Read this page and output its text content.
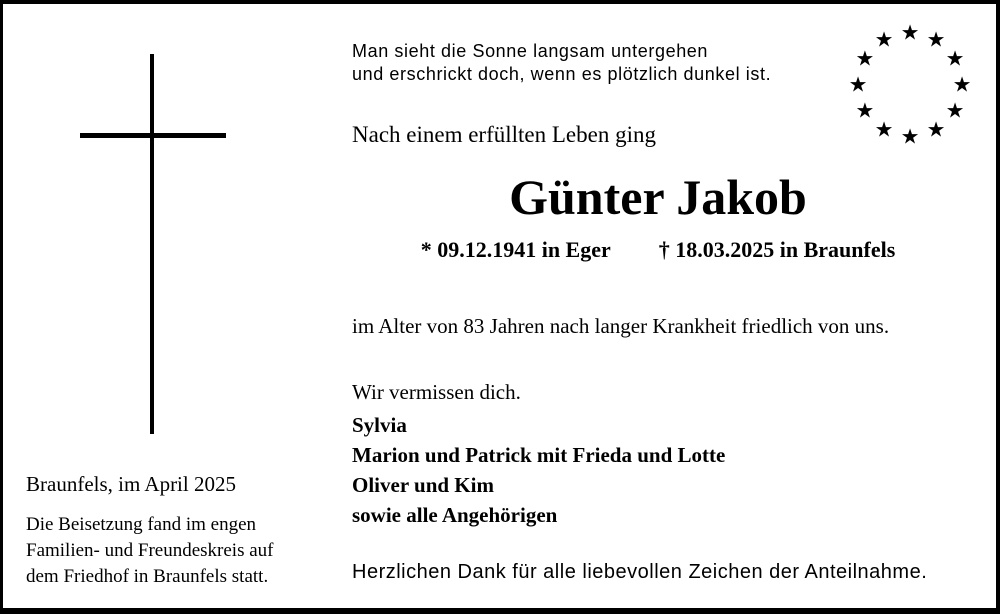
★ ★
★
★
★
★
★
★
★
★
★
★
Man sieht die Sonne langsam untergehen
und erschrickt doch, wenn es plötzlich dunkel ist.
Nach einem erfüllten Leben ging
Günter Jakob
* 09.12.1941 in Eger † 18.03.2025 in Braunfels
im Alter von 83 Jahren nach langer Krankheit friedlich von uns.
Wir vermissen dich.
Sylvia
Marion und Patrick mit Frieda und Lotte
Oliver und Kim
sowie alle Angehörigen
Braunfels, im April 2025
Die Beisetzung fand im engen
Familien- und Freundeskreis auf
dem Friedhof in Braunfels statt.	Herzlichen Dank für alle liebevollen Zeichen der Anteilnahme.
